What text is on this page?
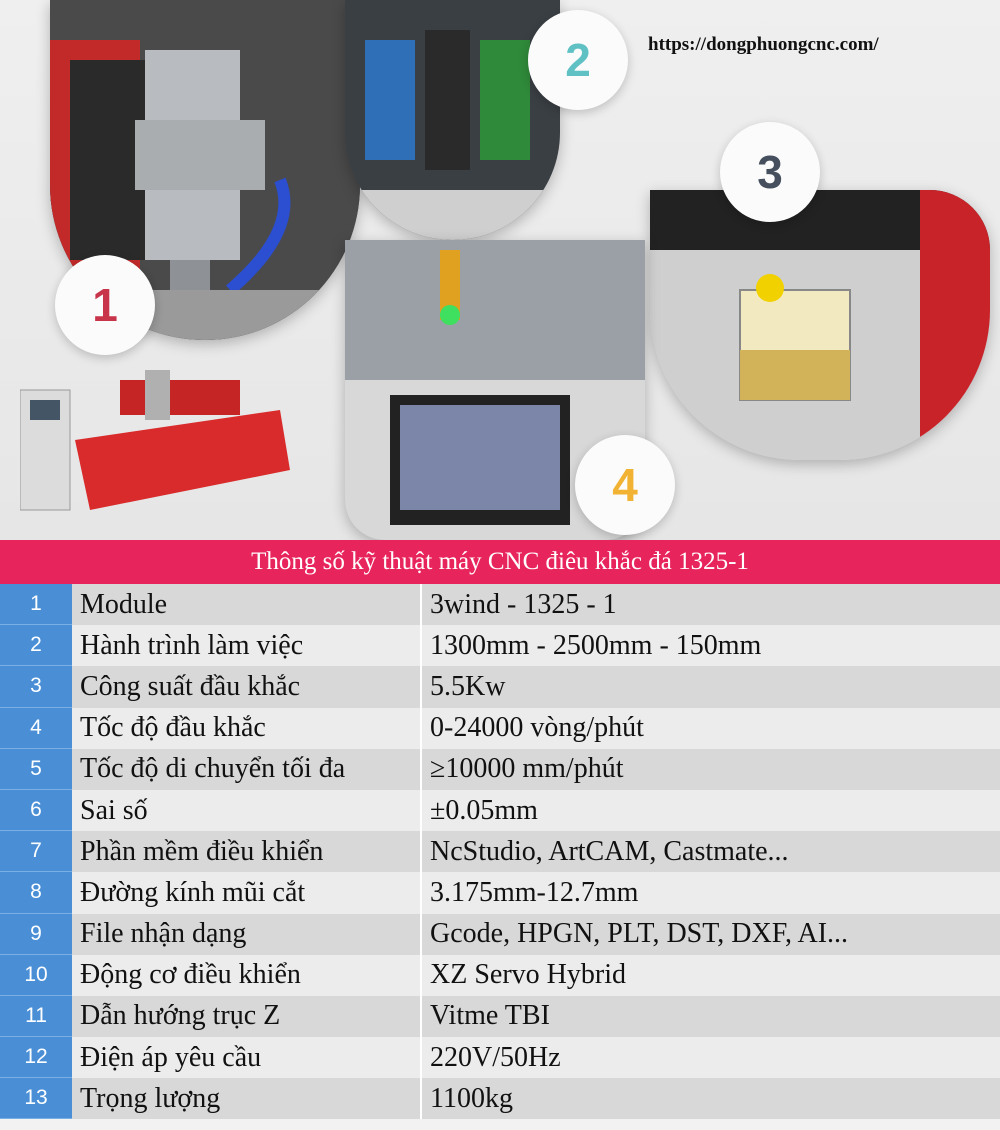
1
2
3
4
https://dongphuongcnc.com/
Thông số kỹ thuật máy CNC điêu khắc đá 1325-1
1	Module	3wind - 1325 - 1
2	Hành trình làm việc	1300mm - 2500mm - 150mm
3	Công suất đầu khắc	5.5Kw
4	Tốc độ đầu khắc	0-24000 vòng/phút
5	Tốc độ di chuyển tối đa	≥10000 mm/phút
6	Sai số	±0.05mm
7	Phần mềm điều khiển	NcStudio, ArtCAM, Castmate...
8	Đường kính mũi cắt	3.175mm-12.7mm
9	File nhận dạng	Gcode, HPGN, PLT, DST, DXF, AI...
10	Động cơ điều khiển	XZ Servo Hybrid
11	Dẫn hướng trục Z	Vitme TBI
12	Điện áp yêu cầu	220V/50Hz
13	Trọng lượng	1100kg
